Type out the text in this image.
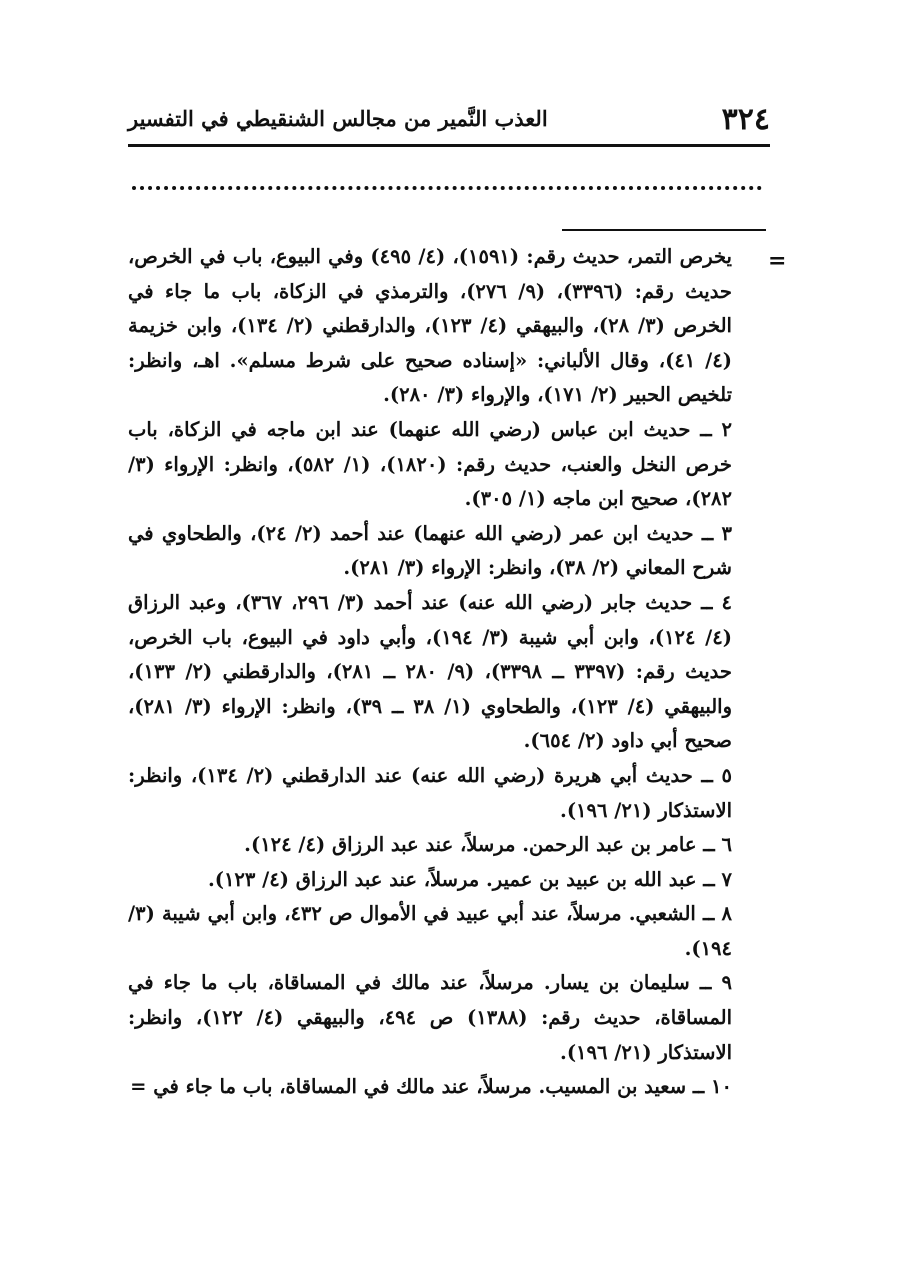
٣٢٤
العذب النَّمير من مجالس الشنقيطي في التفسير
=

يخرص التمر، حديث رقم: (١٥٩١)، (٤/ ٤٩٥) وفي البيوع، باب في الخرص، حديث رقم: (٣٣٩٦)، (٩/ ٢٧٦)، والترمذي في الزكاة، باب ما جاء في الخرص (٣/ ٢٨)، والبيهقي (٤/ ١٢٣)، والدارقطني (٢/ ١٣٤)، وابن خزيمة (٤/ ٤١)، وقال الألباني: «إسناده صحيح على شرط مسلم». اهـ، وانظر: تلخيص الحبير (٢/ ١٧١)، والإرواء (٣/ ٢٨٠).

٢ ــ حديث ابن عباس (رضي الله عنهما) عند ابن ماجه في الزكاة، باب خرص النخل والعنب، حديث رقم: (١٨٢٠)، (١/ ٥٨٢)، وانظر: الإرواء (٣/ ٢٨٢)، صحيح ابن ماجه (١/ ٣٠٥).

٣ ــ حديث ابن عمر (رضي الله عنهما) عند أحمد (٢/ ٢٤)، والطحاوي في شرح المعاني (٢/ ٣٨)، وانظر: الإرواء (٣/ ٢٨١).

٤ ــ حديث جابر (رضي الله عنه) عند أحمد (٣/ ٢٩٦، ٣٦٧)، وعبد الرزاق (٤/ ١٢٤)، وابن أبي شيبة (٣/ ١٩٤)، وأبي داود في البيوع، باب الخرص، حديث رقم: (٣٣٩٧ ــ ٣٣٩٨)، (٩/ ٢٨٠ ــ ٢٨١)، والدارقطني (٢/ ١٣٣)، والبيهقي (٤/ ١٢٣)، والطحاوي (١/ ٣٨ ــ ٣٩)، وانظر: الإرواء (٣/ ٢٨١)، صحيح أبي داود (٢/ ٦٥٤).

٥ ــ حديث أبي هريرة (رضي الله عنه) عند الدارقطني (٢/ ١٣٤)، وانظر: الاستذكار (٢١/ ١٩٦).

٦ ــ عامر بن عبد الرحمن. مرسلاً، عند عبد الرزاق (٤/ ١٢٤).

٧ ــ عبد الله بن عبيد بن عمير. مرسلاً، عند عبد الرزاق (٤/ ١٢٣).

٨ ــ الشعبي. مرسلاً، عند أبي عبيد في الأموال ص ٤٣٢، وابن أبي شيبة (٣/ ١٩٤).

٩ ــ سليمان بن يسار. مرسلاً، عند مالك في المساقاة، باب ما جاء في المساقاة، حديث رقم: (١٣٨٨) ص ٤٩٤، والبيهقي (٤/ ١٢٢)، وانظر: الاستذكار (٢١/ ١٩٦).

١٠ ــ سعيد بن المسيب. مرسلاً، عند مالك في المساقاة، باب ما جاء في =
